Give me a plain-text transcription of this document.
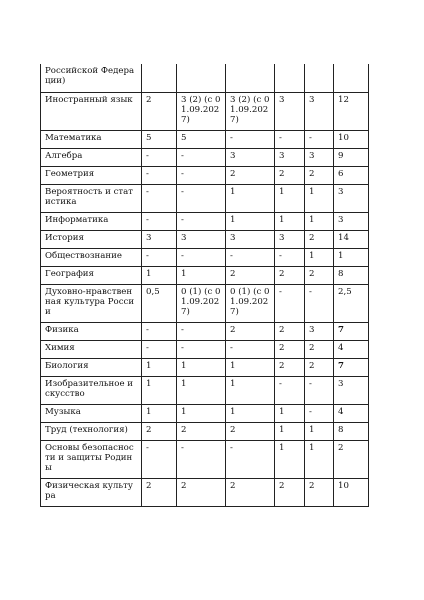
Российской Федерации)						
Иностранный язык	2	3 (2) (с 01.09.2027)	3 (2) (с 01.09.2027)	3	3	12
Математика	5	5	-	-	-	10
Алгебра	-	-	3	3	3	9
Геометрия	-	-	2	2	2	6
Вероятность и статистика	-	-	1	1	1	3
Информатика	-	-	1	1	1	3
История	3	3	3	3	2	14
Обществознание	-	-	-	-	1	1
География	1	1	2	2	2	8
Духовно-нравственная культура России	0,5	0 (1) (с 01.09.2027)	0 (1) (с 01.09.2027)	-	-	2,5
Физика	-	-	2	2	3	7
Химия	-	-	-	2	2	4
Биология	1	1	1	2	2	7
Изобразительное искусство	1	1	1	-	-	3
Музыка	1	1	1	1	-	4
Труд (технология)	2	2	2	1	1	8
Основы безопасности и защиты Родины	-	-	-	1	1	2
Физическая культура	2	2	2	2	2	10
